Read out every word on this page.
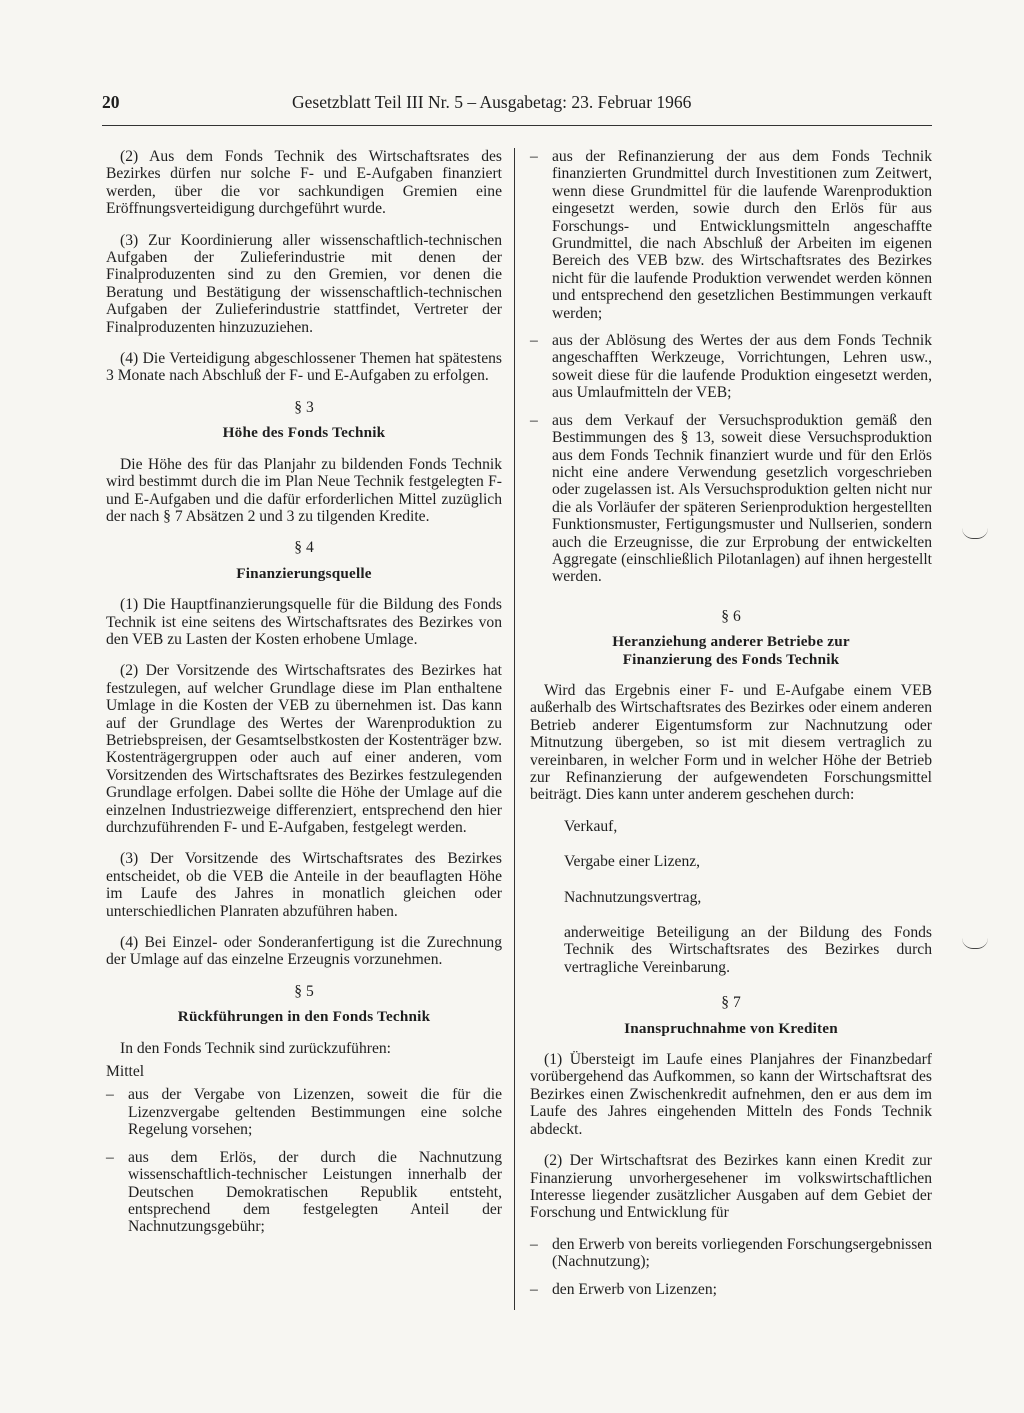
20	Gesetzblatt Teil III Nr. 5 – Ausgabetag: 23. Februar 1966

(2) Aus dem Fonds Technik des Wirtschaftsrates des Bezirkes dürfen nur solche F- und E-Aufgaben finanziert werden, über die vor sachkundigen Gremien eine Eröffnungsverteidigung durchgeführt wurde.

(3) Zur Koordinierung aller wissenschaftlich-technischen Aufgaben der Zulieferindustrie mit denen der Finalproduzenten sind zu den Gremien, vor denen die Beratung und Bestätigung der wissenschaftlich-technischen Aufgaben der Zulieferindustrie stattfindet, Vertreter der Finalproduzenten hinzuzuziehen.

(4) Die Verteidigung abgeschlossener Themen hat spätestens 3 Monate nach Abschluß der F- und E-Aufgaben zu erfolgen.

§ 3
Höhe des Fonds Technik

Die Höhe des für das Planjahr zu bildenden Fonds Technik wird bestimmt durch die im Plan Neue Technik festgelegten F- und E-Aufgaben und die dafür erforderlichen Mittel zuzüglich der nach § 7 Absätzen 2 und 3 zu tilgenden Kredite.

§ 4
Finanzierungsquelle

(1) Die Hauptfinanzierungsquelle für die Bildung des Fonds Technik ist eine seitens des Wirtschaftsrates des Bezirkes von den VEB zu Lasten der Kosten erhobene Umlage.

(2) Der Vorsitzende des Wirtschaftsrates des Bezirkes hat festzulegen, auf welcher Grundlage diese im Plan enthaltene Umlage in die Kosten der VEB zu übernehmen ist. Das kann auf der Grundlage des Wertes der Warenproduktion zu Betriebspreisen, der Gesamtselbstkosten der Kostenträger bzw. Kostenträgergruppen oder auch auf einer anderen, vom Vorsitzenden des Wirtschaftsrates des Bezirkes festzulegenden Grundlage erfolgen. Dabei sollte die Höhe der Umlage auf die einzelnen Industriezweige differenziert, entsprechend den hier durchzuführenden F- und E-Aufgaben, festgelegt werden.

(3) Der Vorsitzende des Wirtschaftsrates des Bezirkes entscheidet, ob die VEB die Anteile in der beauflagten Höhe im Laufe des Jahres in monatlich gleichen oder unterschiedlichen Planraten abzuführen haben.

(4) Bei Einzel- oder Sonderanfertigung ist die Zurechnung der Umlage auf das einzelne Erzeugnis vorzunehmen.

§ 5
Rückführungen in den Fonds Technik

In den Fonds Technik sind zurückzuführen:

Mittel

– aus der Vergabe von Lizenzen, soweit die für die Lizenzvergabe geltenden Bestimmungen eine solche Regelung vorsehen;
– aus dem Erlös, der durch die Nachnutzung wissenschaftlich-technischer Leistungen innerhalb der Deutschen Demokratischen Republik entsteht, entsprechend dem festgelegten Anteil der Nachnutzungsgebühr;
– aus der Refinanzierung der aus dem Fonds Technik finanzierten Grundmittel durch Investitionen zum Zeitwert, wenn diese Grundmittel für die laufende Warenproduktion eingesetzt werden, sowie durch den Erlös für aus Forschungs- und Entwicklungsmitteln angeschaffte Grundmittel, die nach Abschluß der Arbeiten im eigenen Bereich des VEB bzw. des Wirtschaftsrates des Bezirkes nicht für die laufende Produktion verwendet werden können und entsprechend den gesetzlichen Bestimmungen verkauft werden;
– aus der Ablösung des Wertes der aus dem Fonds Technik angeschafften Werkzeuge, Vorrichtungen, Lehren usw., soweit diese für die laufende Produktion eingesetzt werden, aus Umlaufmitteln der VEB;
– aus dem Verkauf der Versuchsproduktion gemäß den Bestimmungen des § 13, soweit diese Versuchsproduktion aus dem Fonds Technik finanziert wurde und für den Erlös nicht eine andere Verwendung gesetzlich vorgeschrieben oder zugelassen ist. Als Versuchsproduktion gelten nicht nur die als Vorläufer der späteren Serienproduktion hergestellten Funktionsmuster, Fertigungsmuster und Nullserien, sondern auch die Erzeugnisse, die zur Erprobung der entwickelten Aggregate (einschließlich Pilotanlagen) auf ihnen hergestellt werden.
§ 6
Heranziehung anderer Betriebe zur
Finanzierung des Fonds Technik

Wird das Ergebnis einer F- und E-Aufgabe einem VEB außerhalb des Wirtschaftsrates des Bezirkes oder einem anderen Betrieb anderer Eigentumsform zur Nachnutzung oder Mitnutzung übergeben, so ist mit diesem vertraglich zu vereinbaren, in welcher Form und in welcher Höhe der Betrieb zur Refinanzierung der aufgewendeten Forschungsmittel beiträgt. Dies kann unter anderem geschehen durch:

Verkauf,
Vergabe einer Lizenz,
Nachnutzungsvertrag,
anderweitige Beteiligung an der Bildung des Fonds Technik des Wirtschaftsrates des Bezirkes durch vertragliche Vereinbarung.
§ 7
Inanspruchnahme von Krediten

(1) Übersteigt im Laufe eines Planjahres der Finanzbedarf vorübergehend das Aufkommen, so kann der Wirtschaftsrat des Bezirkes einen Zwischenkredit aufnehmen, den er aus dem im Laufe des Jahres eingehenden Mitteln des Fonds Technik abdeckt.

(2) Der Wirtschaftsrat des Bezirkes kann einen Kredit zur Finanzierung unvorhergesehener im volkswirtschaftlichen Interesse liegender zusätzlicher Ausgaben auf dem Gebiet der Forschung und Entwicklung für

– den Erwerb von bereits vorliegenden Forschungsergebnissen (Nachnutzung);
– den Erwerb von Lizenzen;
